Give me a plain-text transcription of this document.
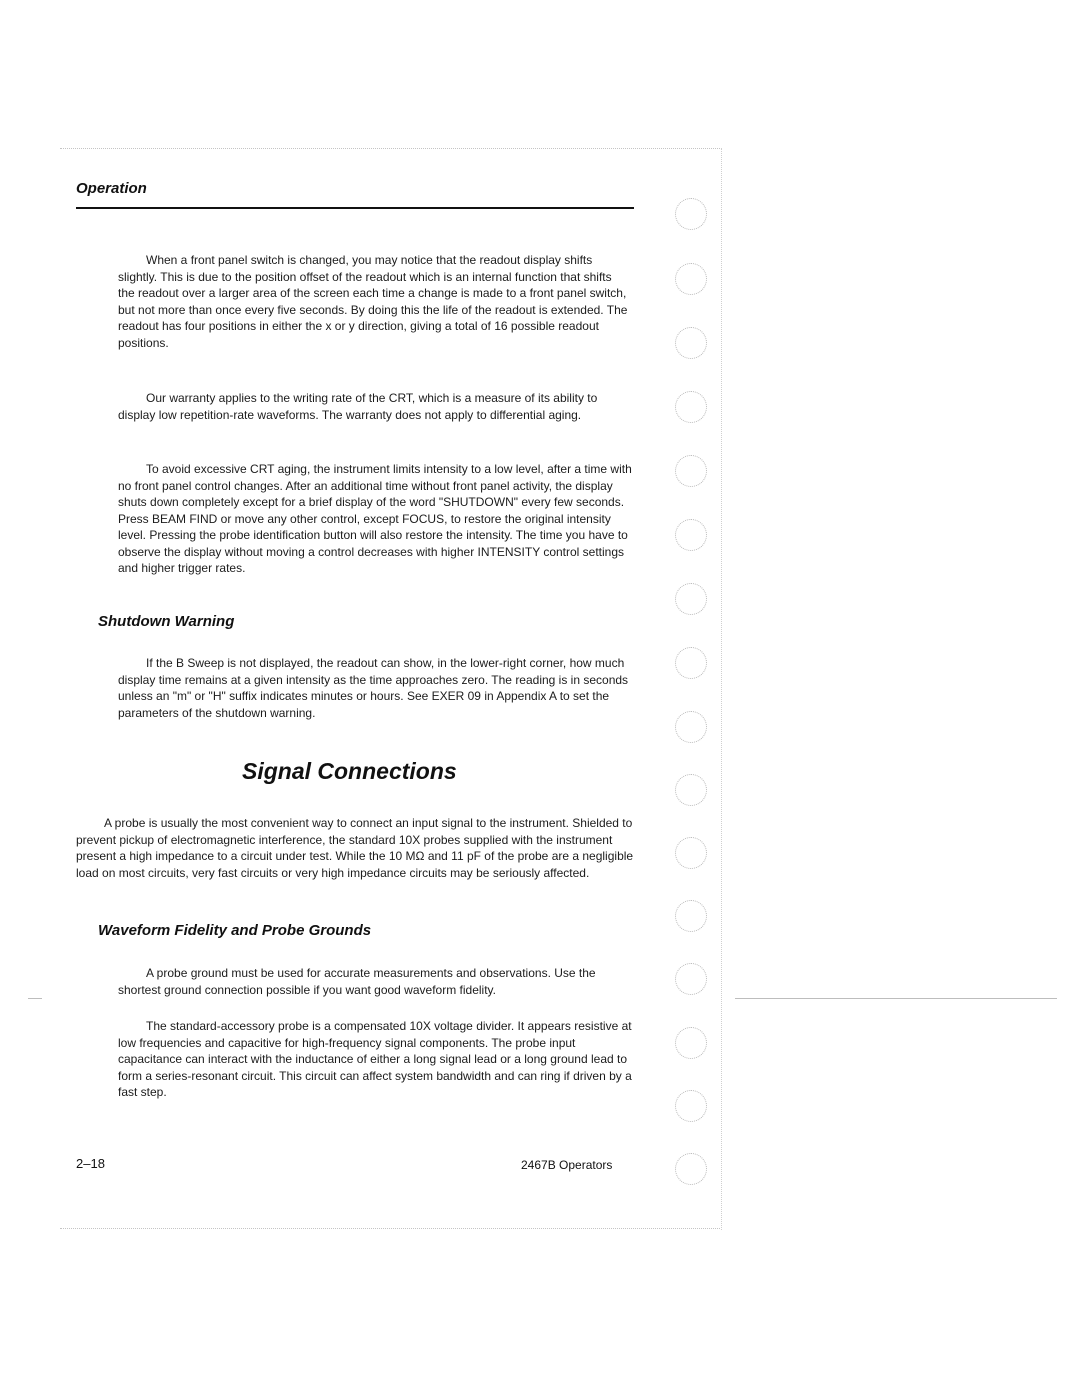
Operation

When a front panel switch is changed, you may notice that the readout display shifts slightly. This is due to the position offset of the readout which is an internal function that shifts the readout over a larger area of the screen each time a change is made to a front panel switch, but not more than once every five seconds. By doing this the life of the readout is extended. The readout has four positions in either the x or y direction, giving a total of 16 possible readout positions.

Our warranty applies to the writing rate of the CRT, which is a measure of its ability to display low repetition-rate waveforms. The warranty does not apply to differential aging.

To avoid excessive CRT aging, the instrument limits intensity to a low level, after a time with no front panel control changes. After an additional time without front panel activity, the display shuts down completely except for a brief display of the word "SHUTDOWN" every few seconds. Press BEAM FIND or move any other control, except FOCUS, to restore the original intensity level. Pressing the probe identification button will also restore the intensity. The time you have to observe the display without moving a control decreases with higher INTENSITY control settings and higher trigger rates.

Shutdown Warning

If the B Sweep is not displayed, the readout can show, in the lower-right corner, how much display time remains at a given intensity as the time approaches zero. The reading is in seconds unless an "m" or "H" suffix indicates minutes or hours. See EXER 09 in Appendix A to set the parameters of the shutdown warning.

Signal Connections

A probe is usually the most convenient way to connect an input signal to the instrument. Shielded to prevent pickup of electromagnetic interference, the standard 10X probes supplied with the instrument present a high impedance to a circuit under test. While the 10 MΩ and 11 pF of the probe are a negligible load on most circuits, very fast circuits or very high impedance circuits may be seriously affected.

Waveform Fidelity and Probe Grounds

A probe ground must be used for accurate measurements and observations. Use the shortest ground connection possible if you want good waveform fidelity.

The standard-accessory probe is a compensated 10X voltage divider. It appears resistive at low frequencies and capacitive for high-frequency signal components. The probe input capacitance can interact with the inductance of either a long signal lead or a long ground lead to form a series-resonant circuit. This circuit can affect system bandwidth and can ring if driven by a fast step.

2–18	2467B Operators
